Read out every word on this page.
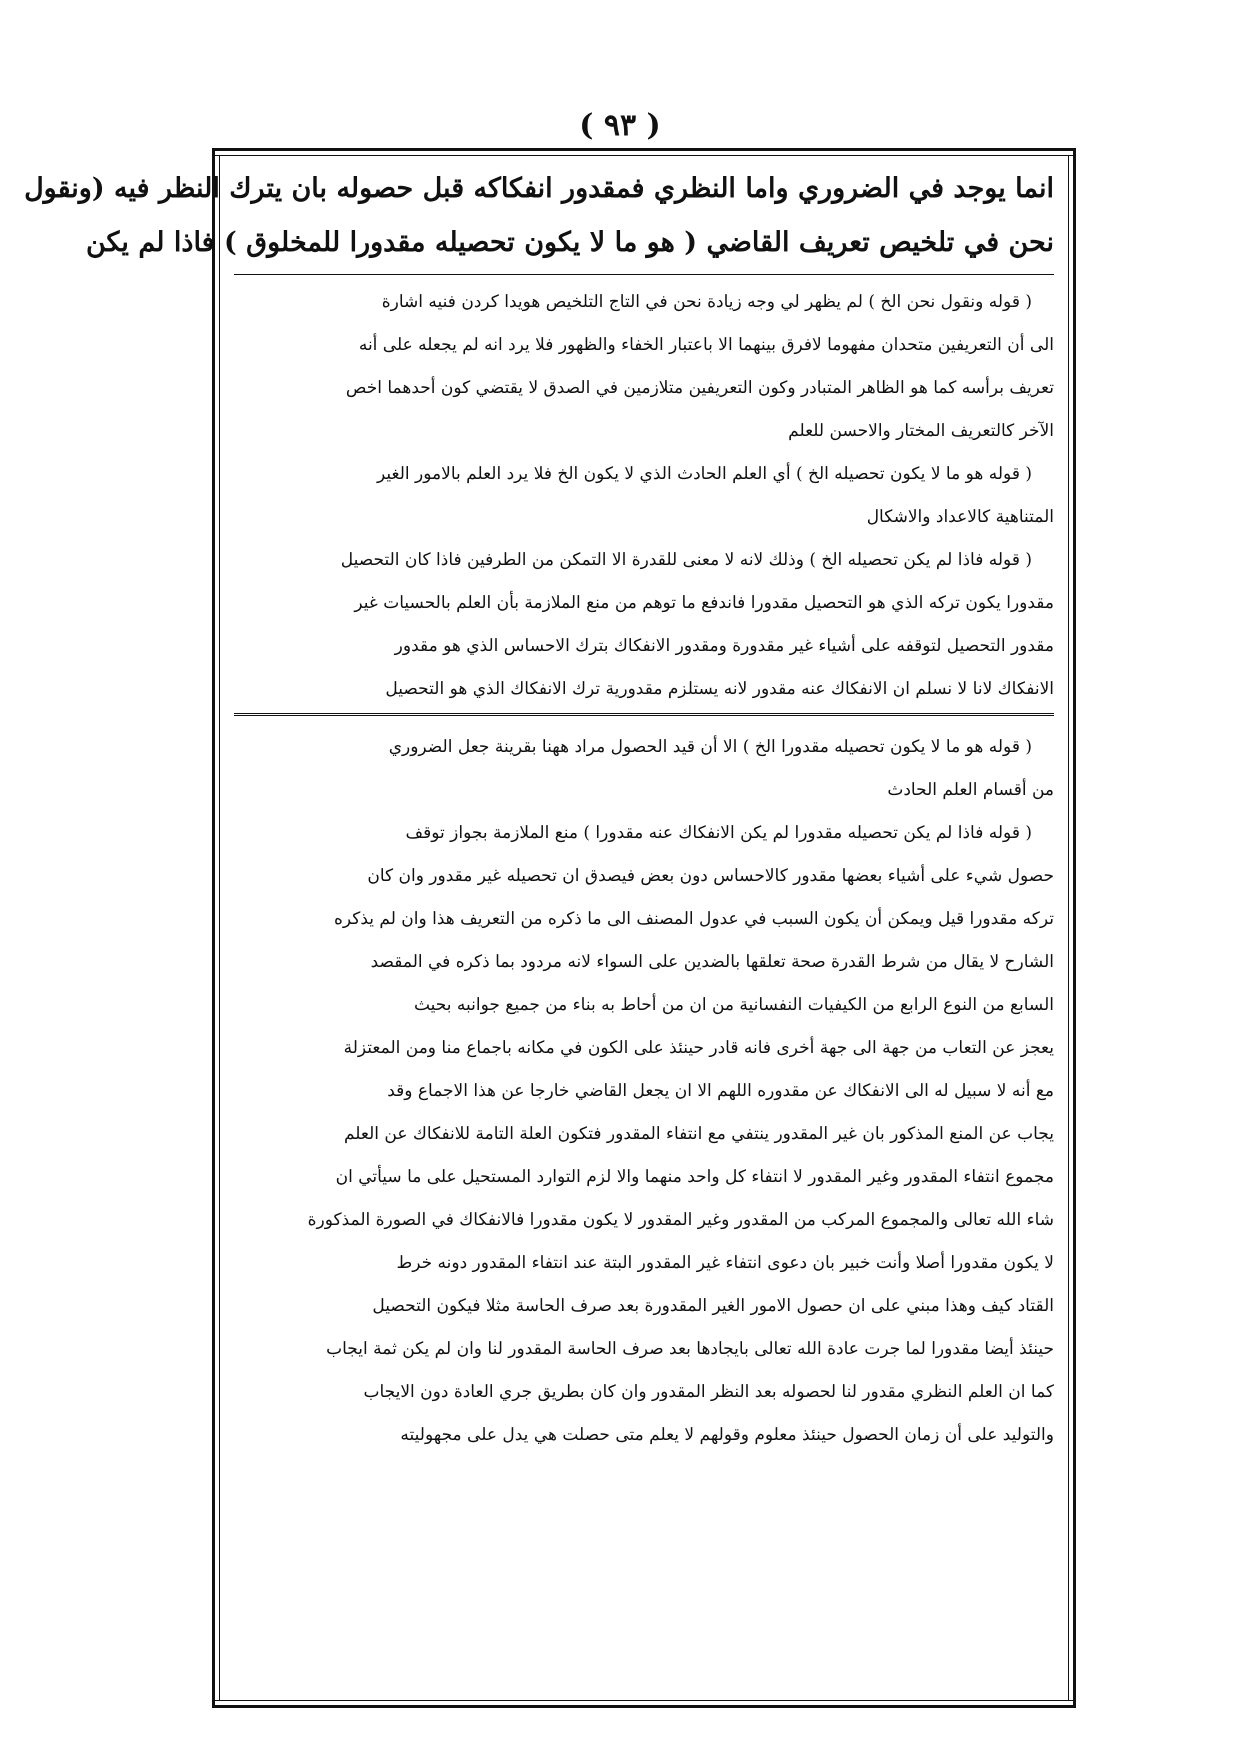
( ٩٣ )
انما يوجد في الضروري واما النظري فمقدور انفكاكه قبل حصوله بان يترك النظر فيه (ونقول
نحن في تلخيص تعريف القاضي ( هو ما لا يكون تحصيله مقدورا للمخلوق ) فاذا لم يكن
( قوله ونقول نحن الخ ) لم يظهر لي وجه زيادة نحن في التاج التلخيص هويدا كردن فنيه اشارة
الى أن التعريفين متحدان مفهوما لافرق بينهما الا باعتبار الخفاء والظهور فلا يرد انه لم يجعله على أنه
تعريف برأسه كما هو الظاهر المتبادر وكون التعريفين متلازمين في الصدق لا يقتضي كون أحدهما اخص
الآخر كالتعريف المختار والاحسن للعلم
( قوله هو ما لا يكون تحصيله الخ ) أي العلم الحادث الذي لا يكون الخ فلا يرد العلم بالامور الغير
المتناهية كالاعداد والاشكال
( قوله فاذا لم يكن تحصيله الخ ) وذلك لانه لا معنى للقدرة الا التمكن من الطرفين فاذا كان التحصيل
مقدورا يكون تركه الذي هو التحصيل مقدورا فاندفع ما توهم من منع الملازمة بأن العلم بالحسيات غير
مقدور التحصيل لتوقفه على أشياء غير مقدورة ومقدور الانفكاك بترك الاحساس الذي هو مقدور
الانفكاك لانا لا نسلم ان الانفكاك عنه مقدور لانه يستلزم مقدورية ترك الانفكاك الذي هو التحصيل
( قوله هو ما لا يكون تحصيله مقدورا الخ ) الا أن قيد الحصول مراد ههنا بقرينة جعل الضروري
من أقسام العلم الحادث
( قوله فاذا لم يكن تحصيله مقدورا لم يكن الانفكاك عنه مقدورا ) منع الملازمة بجواز توقف
حصول شيء على أشياء بعضها مقدور كالاحساس دون بعض فيصدق ان تحصيله غير مقدور وان كان
تركه مقدورا قيل ويمكن أن يكون السبب في عدول المصنف الى ما ذكره من التعريف هذا وان لم يذكره
الشارح لا يقال من شرط القدرة صحة تعلقها بالضدين على السواء لانه مردود بما ذكره في المقصد
السابع من النوع الرابع من الكيفيات النفسانية من ان من أحاط به بناء من جميع جوانبه بحيث
يعجز عن التعاب من جهة الى جهة أخرى فانه قادر حينئذ على الكون في مكانه باجماع منا ومن المعتزلة
مع أنه لا سبيل له الى الانفكاك عن مقدوره اللهم الا ان يجعل القاضي خارجا عن هذا الاجماع وقد
يجاب عن المنع المذكور بان غير المقدور ينتفي مع انتفاء المقدور فتكون العلة التامة للانفكاك عن العلم
مجموع انتفاء المقدور وغير المقدور لا انتفاء كل واحد منهما والا لزم التوارد المستحيل على ما سيأتي ان
شاء الله تعالى والمجموع المركب من المقدور وغير المقدور لا يكون مقدورا فالانفكاك في الصورة المذكورة
لا يكون مقدورا أصلا وأنت خبير بان دعوى انتفاء غير المقدور البتة عند انتفاء المقدور دونه خرط
القتاد كيف وهذا مبني على ان حصول الامور الغير المقدورة بعد صرف الحاسة مثلا فيكون التحصيل
حينئذ أيضا مقدورا لما جرت عادة الله تعالى بايجادها بعد صرف الحاسة المقدور لنا وان لم يكن ثمة ايجاب
كما ان العلم النظري مقدور لنا لحصوله بعد النظر المقدور وان كان بطريق جري العادة دون الايجاب
والتوليد على أن زمان الحصول حينئذ معلوم وقولهم لا يعلم متى حصلت هي يدل على مجهوليته
